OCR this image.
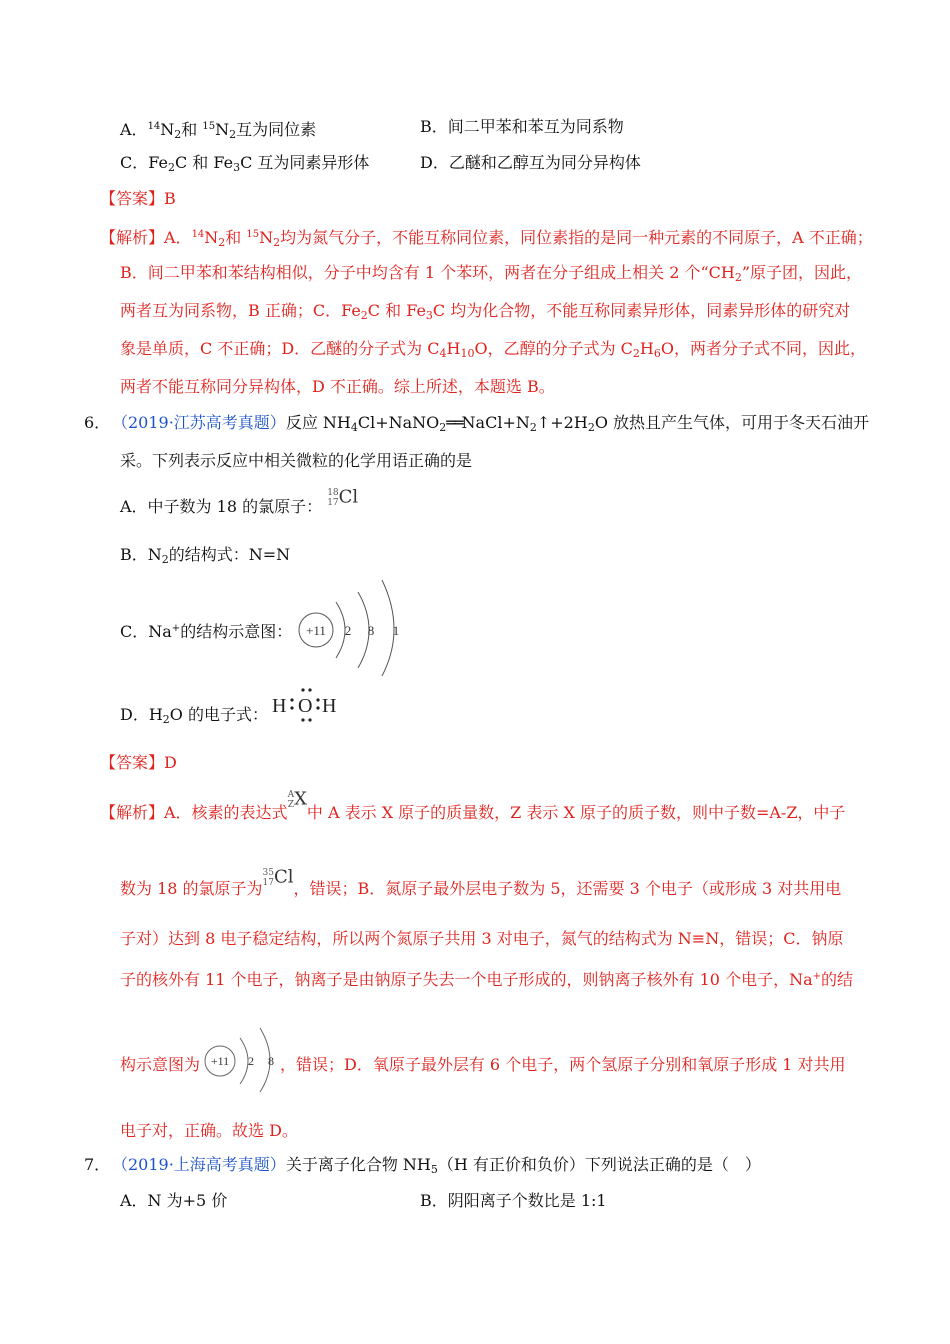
A．$^{14}N_2$和 $^{15}N_2$互为同位素	B．间二甲苯和苯互为同系物
C．$Fe_2C$ 和 $Fe_3C$ 互为同素异形体	D．乙醚和乙醇互为同分异构体
【答案】B
【解析】A．$^{14}N_2$和 $^{15}N_2$均为氮气分子，不能互称同位素，同位素指的是同一种元素的不同原子，A 不正确；
B．间二甲苯和苯结构相似，分子中均含有 1 个苯环，两者在分子组成上相关 2 个“$CH_2$”原子团，因此，
两者互为同系物，B 正确；C．$Fe_2C$ 和 $Fe_3C$ 均为化合物，不能互称同素异形体，同素异形体的研究对
象是单质，C 不正确；D．乙醚的分子式为 $C_4H_{10}O$，乙醇的分子式为 $C_2H_6O$，两者分子式不同，因此，
两者不能互称同分异构体，D 不正确。综上所述，本题选 B。
6． （2019·江苏高考真题）反应 $NH_4Cl+NaNO_2══NaCl+N_2↑+2H_2O$ 放热且产生气体，可用于冬天石油开
采。下列表示反应中相关微粒的化学用语正确的是
A．中子数为 18 的氯原子： 18
17Cl
B．$N_2$的结构式：N=N
C．Na+的结构示意图： +11 2 8 1
D．$H_2O$ 的电子式： H O H
【答案】D
【解析】A．核素的表达式A
ZX中 A 表示 X 原子的质量数，Z 表示 X 原子的质子数，则中子数=A-Z，中子
数为 18 的氯原子为35
17Cl，错误；B．氮原子最外层电子数为 5，还需要 3 个电子（或形成 3 对共用电
子对）达到 8 电子稳定结构，所以两个氮原子共用 3 对电子，氮气的结构式为 N≡N，错误；C．钠原
子的核外有 11 个电子，钠离子是由钠原子失去一个电子形成的，则钠离子核外有 10 个电子，Na+的结
构示意图为	，错误；D．氧原子最外层有 6 个电子，两个氢原子分别和氧原子形成 1 对共用
+11 2 8
电子对，正确。故选 D。
7． （2019·上海高考真题）关于离子化合物 $NH_5(H$ 有正价和负价）下列说法正确的是（　）
A．N 为+5 价	B．阴阳离子个数比是 1:1
